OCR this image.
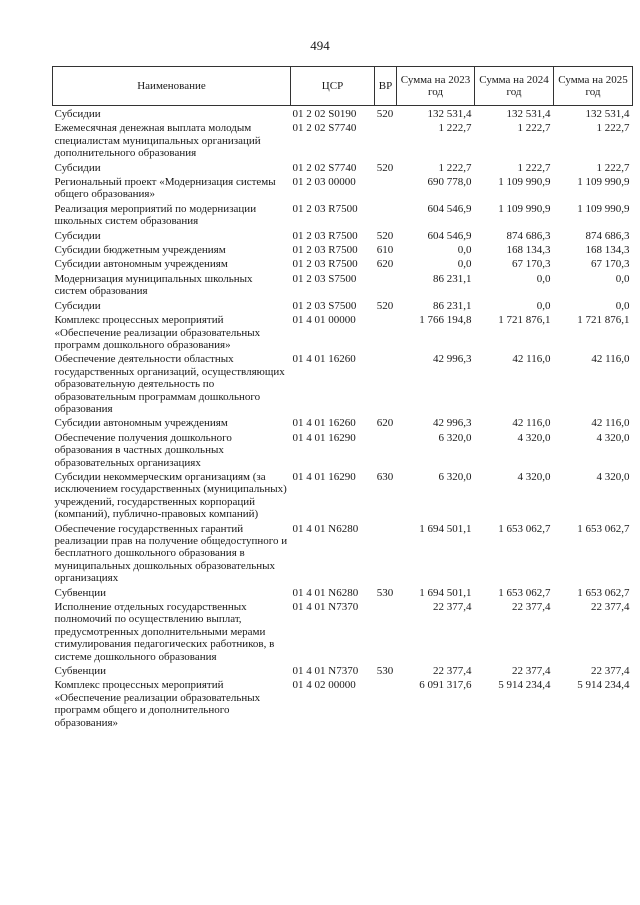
494
Наименование	ЦСР	ВР	Сумма на 2023 год	Сумма на 2024 год	Сумма на 2025 год
Субсидии	01 2 02 S0190	520	132 531,4	132 531,4	132 531,4
Ежемесячная денежная выплата молодым специалистам муниципальных организаций дополнительного образования	01 2 02 S7740		1 222,7	1 222,7	1 222,7
Субсидии	01 2 02 S7740	520	1 222,7	1 222,7	1 222,7
Региональный проект «Модернизация системы общего образования»	01 2 03 00000		690 778,0	1 109 990,9	1 109 990,9
Реализация мероприятий по модернизации школьных систем образования	01 2 03 R7500		604 546,9	1 109 990,9	1 109 990,9
Субсидии	01 2 03 R7500	520	604 546,9	874 686,3	874 686,3
Субсидии бюджетным учреждениям	01 2 03 R7500	610	0,0	168 134,3	168 134,3
Субсидии автономным учреждениям	01 2 03 R7500	620	0,0	67 170,3	67 170,3
Модернизация муниципальных школьных систем образования	01 2 03 S7500		86 231,1	0,0	0,0
Субсидии	01 2 03 S7500	520	86 231,1	0,0	0,0
Комплекс процессных мероприятий «Обеспечение реализации образовательных программ дошкольного образования»	01 4 01 00000		1 766 194,8	1 721 876,1	1 721 876,1
Обеспечение деятельности областных государственных организаций, осуществляющих образовательную деятельность по образовательным программам дошкольного образования	01 4 01 16260		42 996,3	42 116,0	42 116,0
Субсидии автономным учреждениям	01 4 01 16260	620	42 996,3	42 116,0	42 116,0
Обеспечение получения дошкольного образования в частных дошкольных образовательных организациях	01 4 01 16290		6 320,0	4 320,0	4 320,0
Субсидии некоммерческим организациям (за исключением государственных (муниципальных) учреждений, государственных корпораций (компаний), публично-правовых компаний)	01 4 01 16290	630	6 320,0	4 320,0	4 320,0
Обеспечение государственных гарантий реализации прав на получение общедоступного и бесплатного дошкольного образования в муниципальных дошкольных образовательных организациях	01 4 01 N6280		1 694 501,1	1 653 062,7	1 653 062,7
Субвенции	01 4 01 N6280	530	1 694 501,1	1 653 062,7	1 653 062,7
Исполнение отдельных государственных полномочий по осуществлению выплат, предусмотренных дополнительными мерами стимулирования педагогических работников, в системе дошкольного образования	01 4 01 N7370		22 377,4	22 377,4	22 377,4
Субвенции	01 4 01 N7370	530	22 377,4	22 377,4	22 377,4
Комплекс процессных мероприятий «Обеспечение реализации образовательных программ общего и дополнительного образования»	01 4 02 00000		6 091 317,6	5 914 234,4	5 914 234,4
